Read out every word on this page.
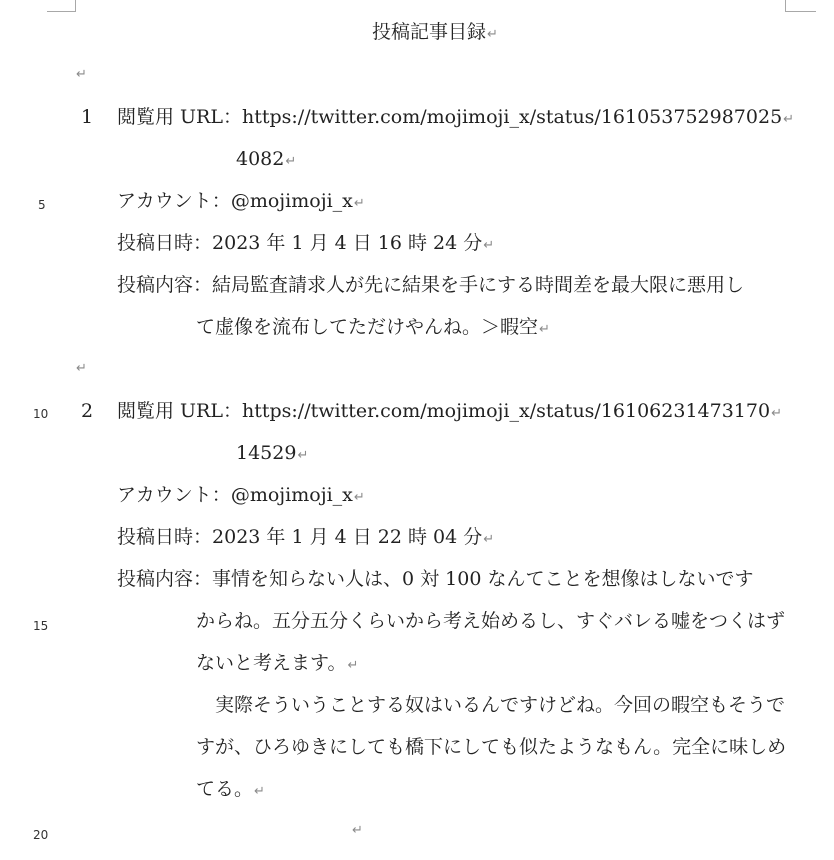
5
10
15
20
投稿記事目録↵
↵
1 閲覧用 URL：https://twitter.com/mojimoji_x/status/161053752987025↵
4082↵
アカウント：@mojimoji_x↵
投稿日時：2023 年 1 月 4 日 16 時 24 分↵
投稿内容：結局監査請求人が先に結果を手にする時間差を最大限に悪用し
て虚像を流布してただけやんね。＞暇空↵
↵
2 閲覧用 URL：https://twitter.com/mojimoji_x/status/16106231473170↵
14529↵
アカウント：@mojimoji_x↵
投稿日時：2023 年 1 月 4 日 22 時 04 分↵
投稿内容：事情を知らない人は、0 対 100 なんてことを想像はしないです
からね。五分五分くらいから考え始めるし、すぐバレる嘘をつくはずないと考えます。↵
　実際そういうことする奴はいるんですけどね。今回の暇空もそうですが、ひろゆきにしても橋下にしても似たようなもん。完全に味しめてる。↵
↵
